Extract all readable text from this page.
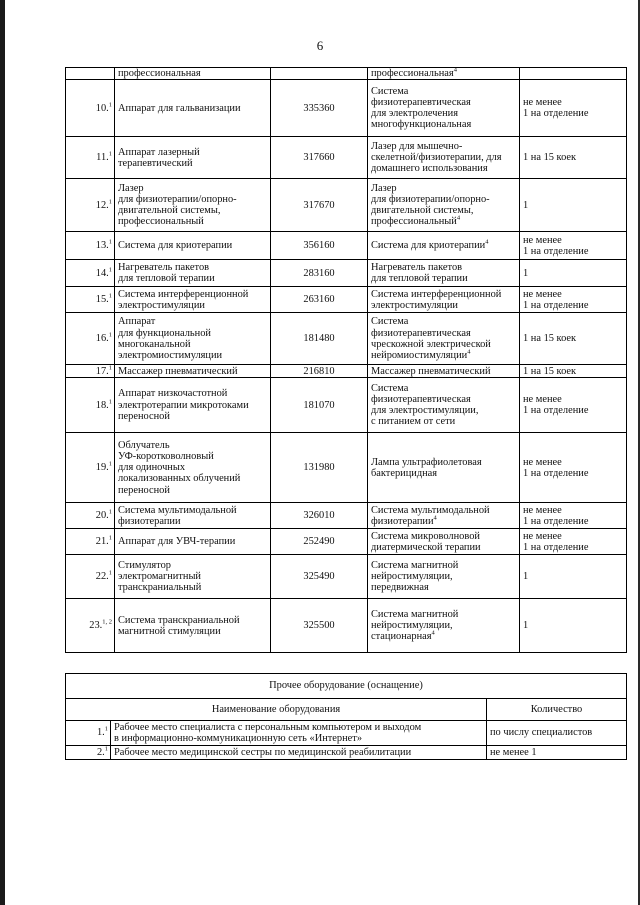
6
	профессиональная		профессиональная$^4$	
10.$^1$	Аппарат для гальванизации	335360	Система
физиотерапевтическая
для электролечения
многофункциональная	не менее
1 на отделение
11.$^1$	Аппарат лазерный
терапевтический	317660	Лазер для мышечно-
скелетной/физиотерапии, для
домашнего использования	1 на 15 коек
12.$^1$	Лазер
для физиотерапии/опорно-
двигательной системы,
профессиональный	317670	Лазер
для физиотерапии/опорно-
двигательной системы,
профессиональный$^4$	1
13.$^1$	Система для криотерапии	356160	Система для криотерапии$^4$	не менее
1 на отделение
14.$^1$	Нагреватель пакетов
для тепловой терапии	283160	Нагреватель пакетов
для тепловой терапии	1
15.$^1$	Система интерференционной
электростимуляции	263160	Система интерференционной
электростимуляции	не менее
1 на отделение
16.$^1$	Аппарат
для функциональной
многоканальной
электромиостимуляции	181480	Система
физиотерапевтическая
чрескожной электрической
нейромиостимуляции$^4$	1 на 15 коек
17.$^1$	Массажер пневматический	216810	Массажер пневматический	1 на 15 коек
18.$^1$	Аппарат низкочастотной
электротерапии микротоками
переносной	181070	Система
физиотерапевтическая
для электростимуляции,
с питанием от сети	не менее
1 на отделение
19.$^1$	Облучатель
УФ-коротковолновый
для одиночных
локализованных облучений
переносной	131980	Лампа ультрафиолетовая
бактерицидная	не менее
1 на отделение
20.$^1$	Система мультимодальной
физиотерапии	326010	Система мультимодальной
физиотерапии$^4$	не менее
1 на отделение
21.$^1$	Аппарат для УВЧ-терапии	252490	Система микроволновой
диатермической терапии	не менее
1 на отделение
22.$^1$	Стимулятор
электромагнитный
транскраниальный	325490	Система магнитной
нейростимуляции,
передвижная	1
23.$^{1, 2}$	Система транскраниальной
магнитной стимуляции	325500	Система магнитной
нейростимуляции,
стационарная$^4$	1
Прочее оборудование (оснащение)		
Наименование оборудования		Количество
1.$^1$	Рабочее место специалиста с персональным компьютером и выходом
в информационно-коммуникационную сеть «Интернет»	по числу специалистов
2.$^1$	Рабочее место медицинской сестры по медицинской реабилитации	не менее 1
